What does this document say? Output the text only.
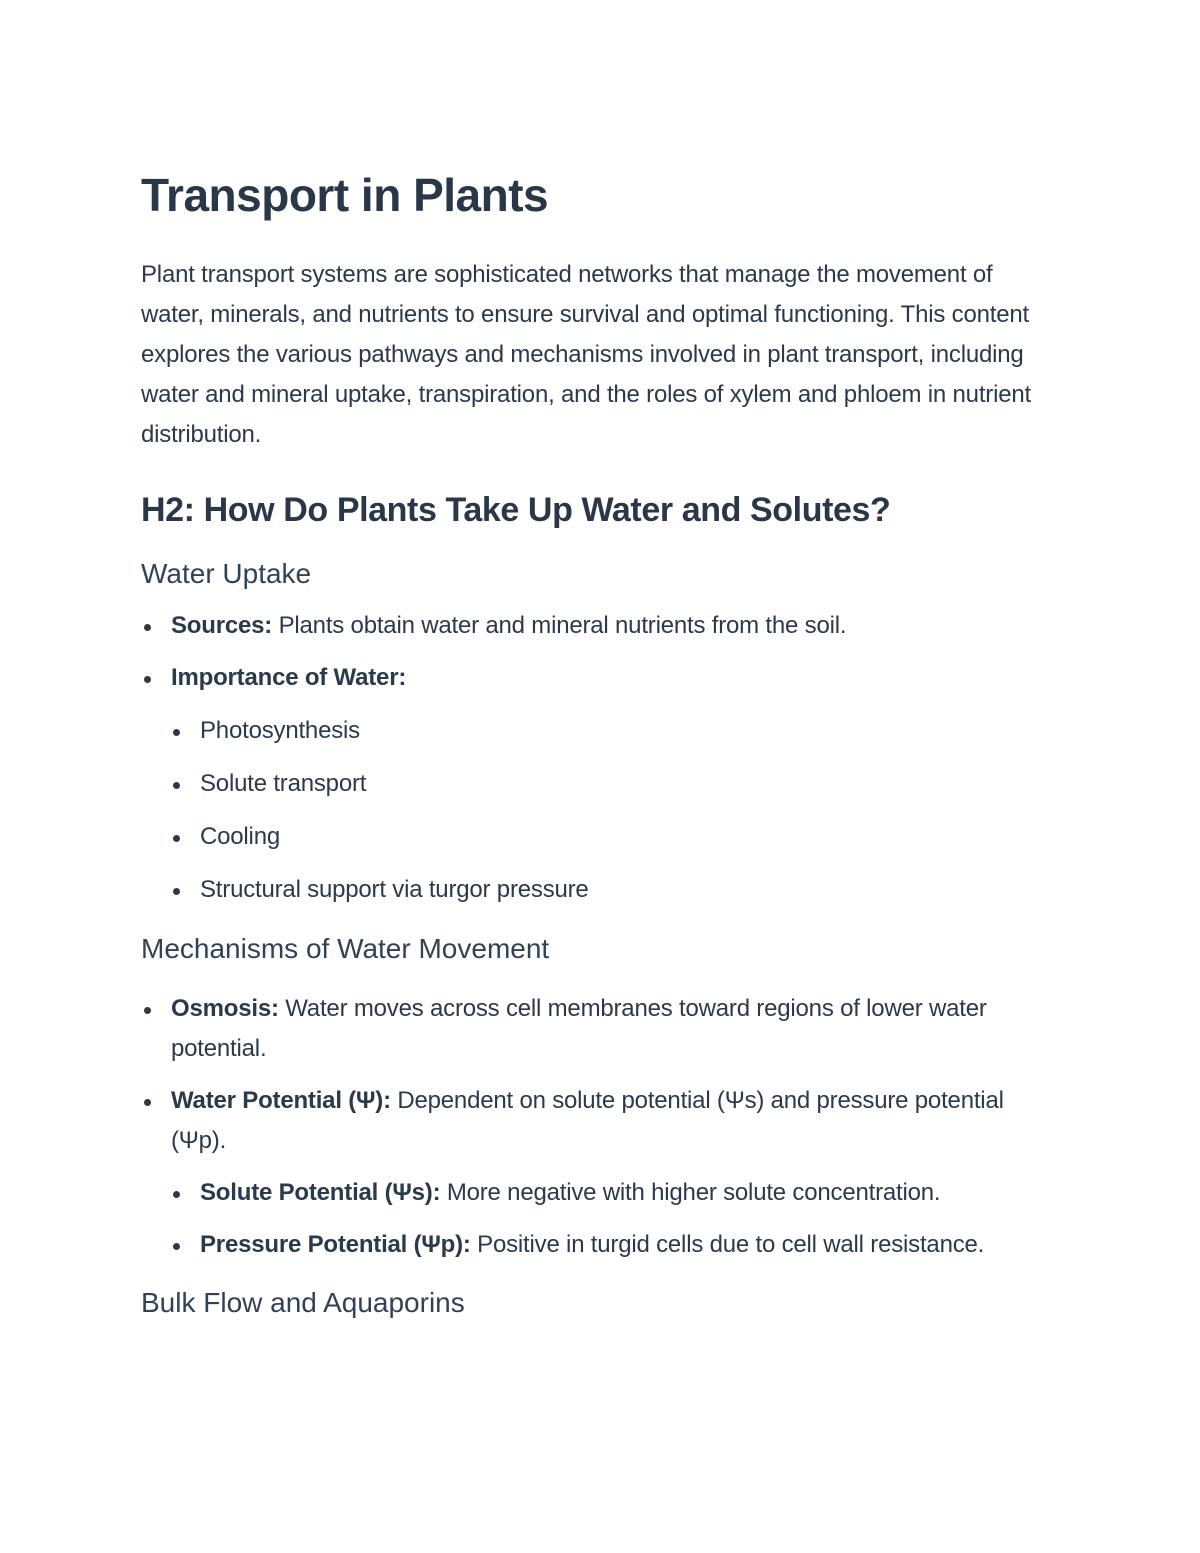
Transport in Plants

Plant transport systems are sophisticated networks that manage the movement of water, minerals, and nutrients to ensure survival and optimal functioning. This content explores the various pathways and mechanisms involved in plant transport, including water and mineral uptake, transpiration, and the roles of xylem and phloem in nutrient distribution.

H2: How Do Plants Take Up Water and Solutes?
Water Uptake
Sources: Plants obtain water and mineral nutrients from the soil.
Importance of Water:
Photosynthesis
Solute transport
Cooling
Structural support via turgor pressure
Mechanisms of Water Movement
Osmosis: Water moves across cell membranes toward regions of lower water potential.
Water Potential (Ψ): Dependent on solute potential (Ψs) and pressure potential (Ψp).
Solute Potential (Ψs): More negative with higher solute concentration.
Pressure Potential (Ψp): Positive in turgid cells due to cell wall resistance.
Bulk Flow and Aquaporins
